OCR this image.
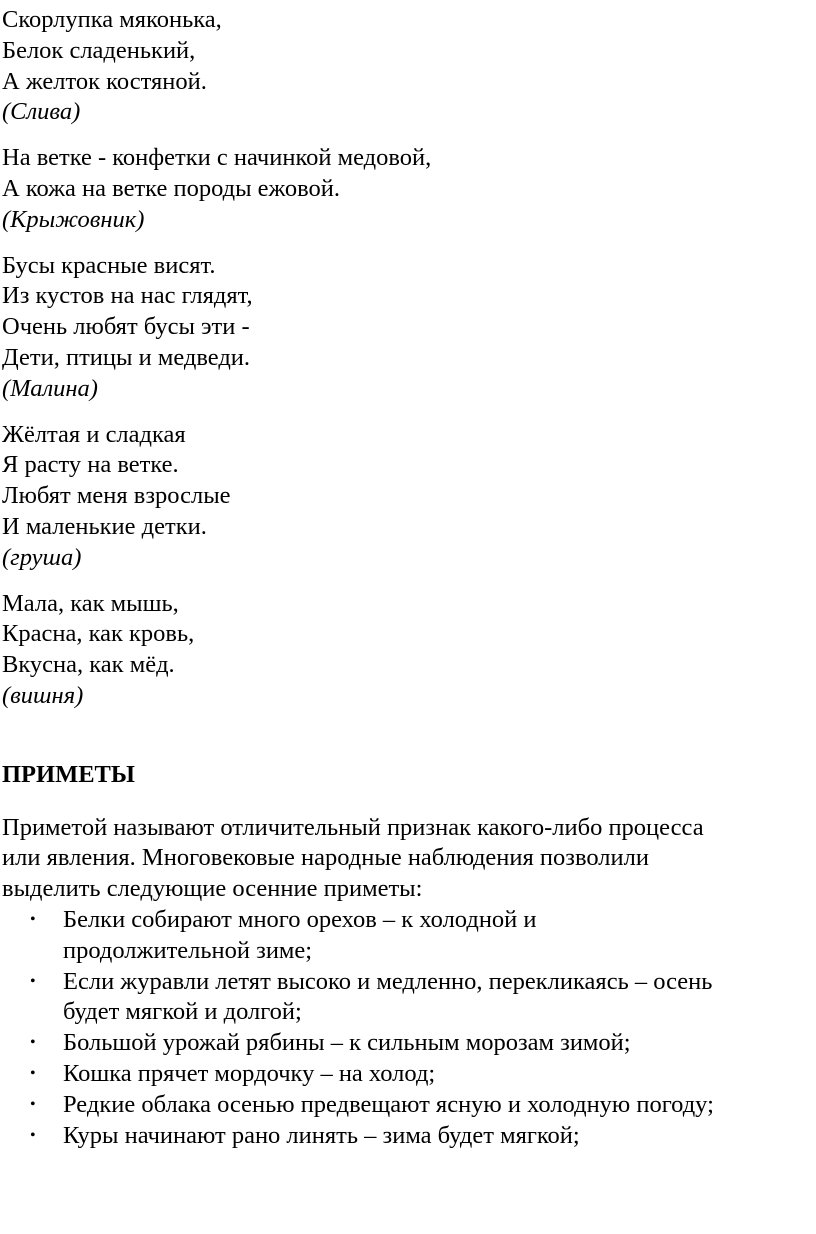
Скорлупка мяконька,
Белок сладенький,
А желток костяной.
(Слива)
На ветке - конфетки с начинкой медовой,
А кожа на ветке породы ежовой.
(Крыжовник)
Бусы красные висят.
Из кустов на нас глядят,
Очень любят бусы эти -
Дети, птицы и медведи.
(Малина)
Жёлтая и сладкая
Я расту на ветке.
Любят меня взрослые
И маленькие детки.
(груша)
Мала, как мышь,
Красна, как кровь,
Вкусна, как мёд.
(вишня)
ПРИМЕТЫ

Приметой называют отличительный признак какого-либо процесса
или явления. Многовековые народные наблюдения позволили
выделить следующие осенние приметы:

• Белки собирают много орехов – к холодной и
продолжительной зиме;
• Если журавли летят высоко и медленно, перекликаясь – осень
будет мягкой и долгой;
• Большой урожай рябины – к сильным морозам зимой;
• Кошка прячет мордочку – на холод;
• Редкие облака осенью предвещают ясную и холодную погоду;
• Куры начинают рано линять – зима будет мягкой;
